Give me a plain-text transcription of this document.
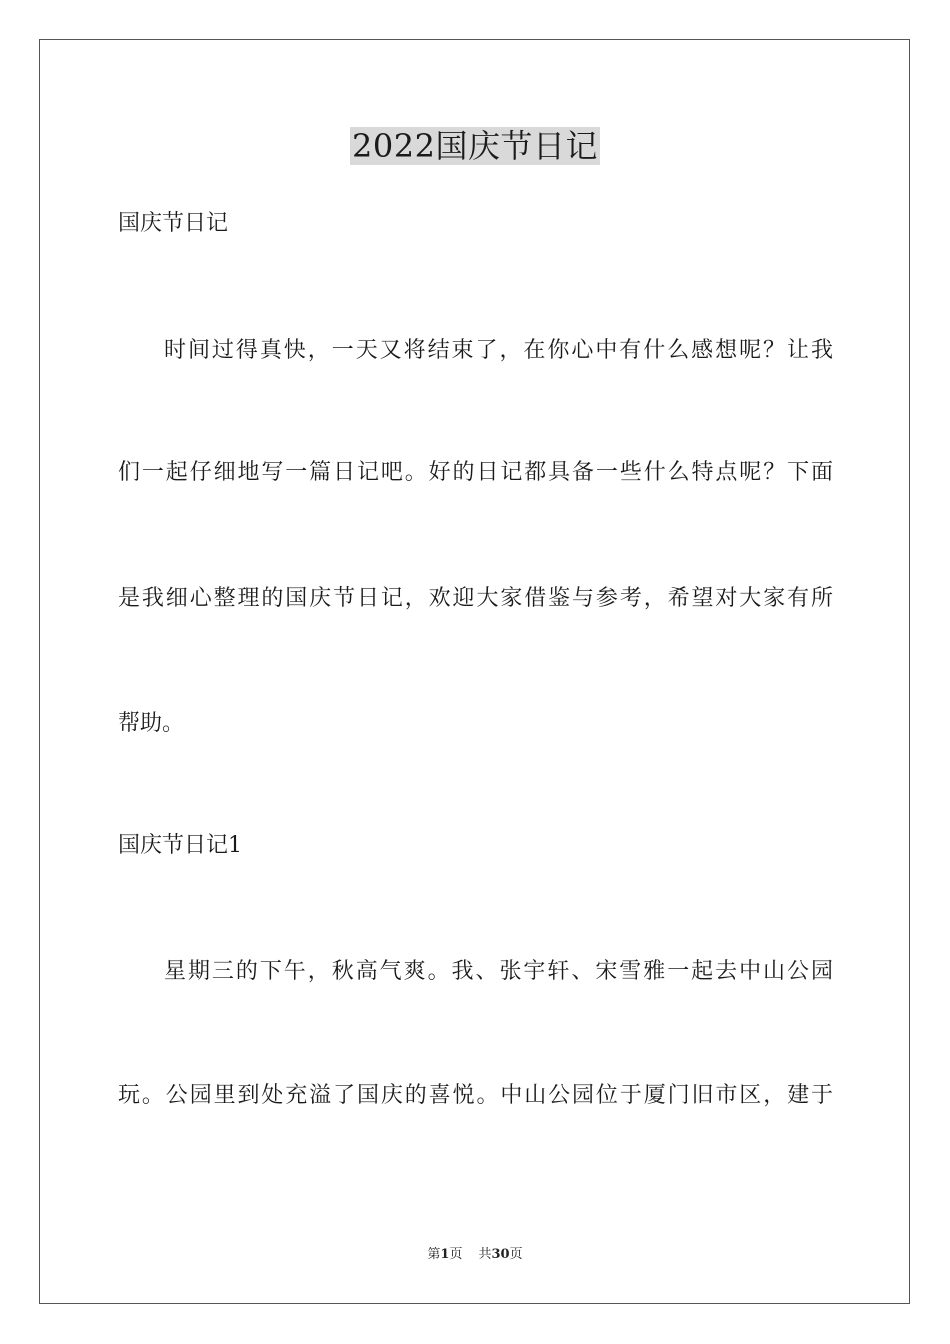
2022国庆节日记
国庆节日记
时间过得真快，一天又将结束了，在你心中有什么感想呢？让我
们一起仔细地写一篇日记吧。好的日记都具备一些什么特点呢？下面
是我细心整理的国庆节日记，欢迎大家借鉴与参考，希望对大家有所
帮助。
国庆节日记1
星期三的下午，秋高气爽。我、张宇轩、宋雪雅一起去中山公园
玩。公园里到处充溢了国庆的喜悦。中山公园位于厦门旧市区，建于
第1页 共30页
